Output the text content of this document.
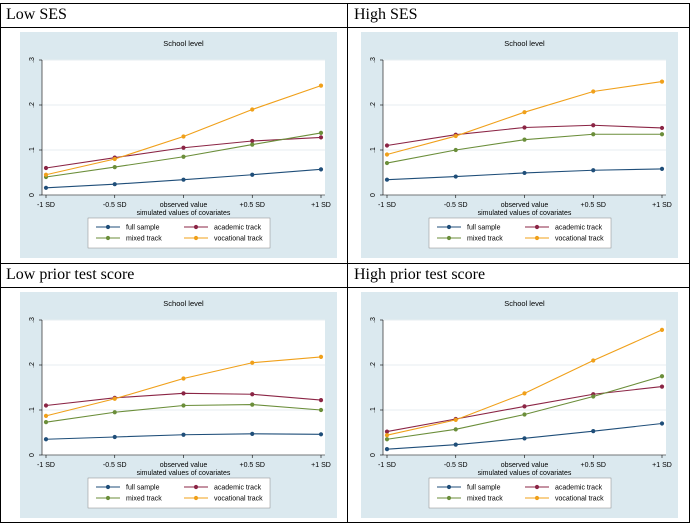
Low SES	High SES
Low prior test score	High prior test score
0
.1
.2
.3
-1 SD	-0.5 SD	observed value	+0.5 SD	+1 SD
School level
simulated values of covariates
full sample	academic track
mixed track	vocational track
0
.1
.2
.3
-1 SD	-0.5 SD	observed value	+0.5 SD	+1 SD
School level
simulated values of covariates
full sample	academic track
mixed track	vocational track
0
.1
.2
.3
-1 SD	-0.5 SD	observed value	+0.5 SD	+1 SD
School level
simulated values of covariates
full sample	academic track
mixed track	vocational track
0
.1
.2
.3
-1 SD	-0.5 SD	observed value	+0.5 SD	+1 SD
School level
simulated values of covariates
full sample	academic track
mixed track	vocational track
